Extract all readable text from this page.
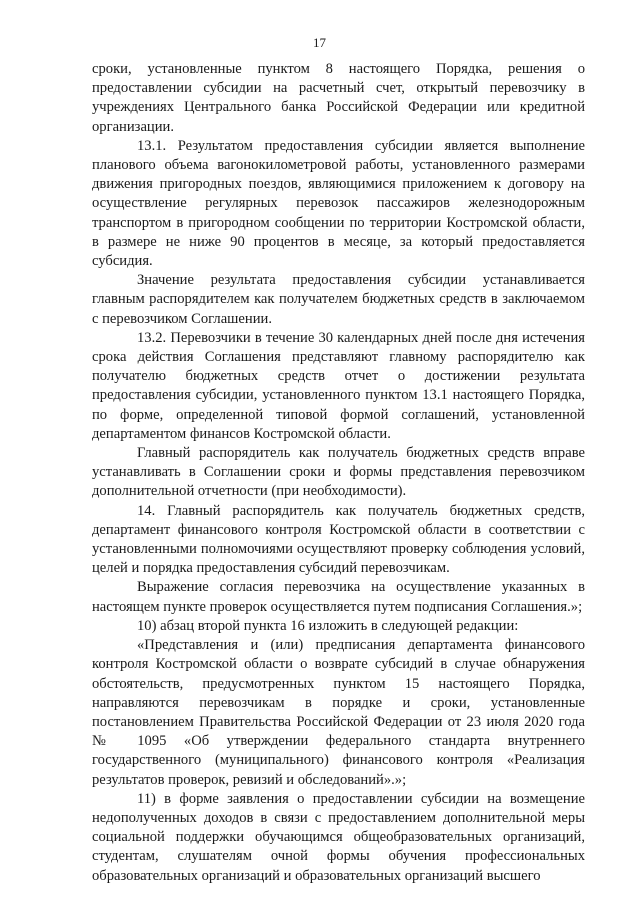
17

сроки, установленные пунктом 8 настоящего Порядка, решения о предоставлении субсидии на расчетный счет, открытый перевозчику в учреждениях Центрального банка Российской Федерации или кредитной организации.

13.1. Результатом предоставления субсидии является выполнение планового объема вагонокилометровой работы, установленного размерами движения пригородных поездов, являющимися приложением к договору на осуществление регулярных перевозок пассажиров железнодорожным транспортом в пригородном сообщении по территории Костромской области, в размере не ниже 90 процентов в месяце, за который предоставляется субсидия.

Значение результата предоставления субсидии устанавливается главным распорядителем как получателем бюджетных средств в заключаемом с перевозчиком Соглашении.

13.2. Перевозчики в течение 30 календарных дней после дня истечения срока действия Соглашения представляют главному распорядителю как получателю бюджетных средств отчет о достижении результата предоставления субсидии, установленного пунктом 13.1 настоящего Порядка, по форме, определенной типовой формой соглашений, установленной департаментом финансов Костромской области.

Главный распорядитель как получатель бюджетных средств вправе устанавливать в Соглашении сроки и формы представления перевозчиком дополнительной отчетности (при необходимости).

14. Главный распорядитель как получатель бюджетных средств, департамент финансового контроля Костромской области в соответствии с установленными полномочиями осуществляют проверку соблюдения условий, целей и порядка предоставления субсидий перевозчикам.

Выражение согласия перевозчика на осуществление указанных в настоящем пункте проверок осуществляется путем подписания Соглашения.»;

10) абзац второй пункта 16 изложить в следующей редакции:

«Представления и (или) предписания департамента финансового контроля Костромской области о возврате субсидий в случае обнаружения обстоятельств, предусмотренных пунктом 15 настоящего Порядка, направляются перевозчикам в порядке и сроки, установленные постановлением Правительства Российской Федерации от 23 июля 2020 года № 1095 «Об утверждении федерального стандарта внутреннего государственного (муниципального) финансового контроля «Реализация результатов проверок, ревизий и обследований».»;

11) в форме заявления о предоставлении субсидии на возмещение недополученных доходов в связи с предоставлением дополнительной меры социальной поддержки обучающимся общеобразовательных организаций, студентам, слушателям очной формы обучения профессиональных образовательных организаций и образовательных организаций высшего
